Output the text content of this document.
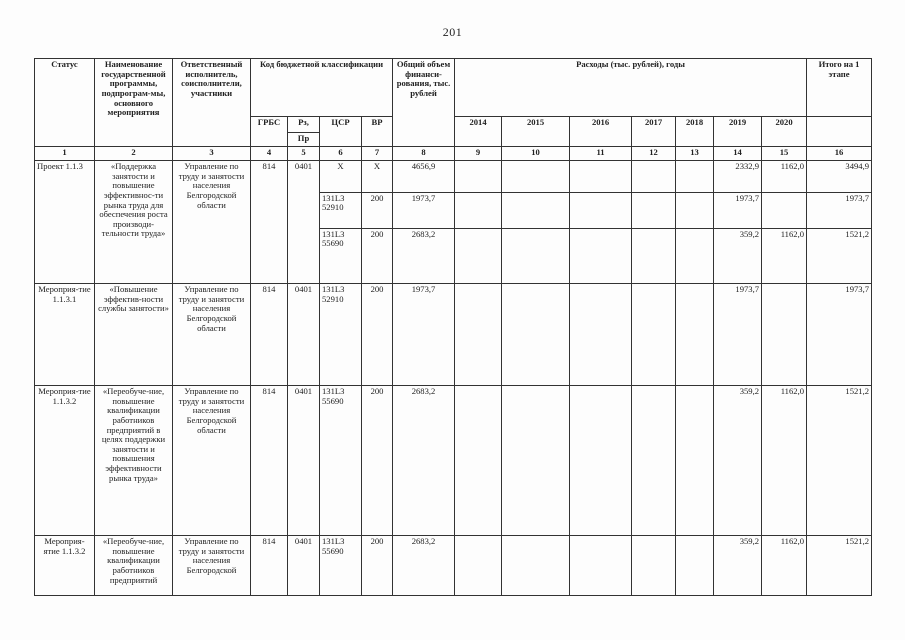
201
Статус	Наименование государственной программы, подпрограм-мы, основного мероприятия	Ответственный исполнитель, соисполнители, участники	Код бюджетной классификации				Общий объем финанси-рования, тыс. рублей	Расходы (тыс. рублей), годы							Итого на 1 этапе
			ГРБС	Рз,	ЦСР	ВР		2014	2015	2016	2017	2018	2019	2020	
				Пр											
1	2	3	4	5	6	7	8	9	10	11	12	13	14	15	16
Проект 1.1.3	«Поддержка занятости и повышение эффективнос-ти рынка труда для обеспечения роста производи-тельности труда»	Управление по труду и занятости населения Белгородской области	814	0401	X	X	4656,9						2332,9	1162,0	3494,9
					131L3 52910	200	1973,7						1973,7		1973,7
					131L3 55690	200	2683,2						359,2	1162,0	1521,2
Мероприя-тие 1.1.3.1	«Повышение эффектив-ности службы занятости»	Управление по труду и занятости населения Белгородской области	814	0401	131L3 52910	200	1973,7						1973,7		1973,7
Мероприя-тие 1.1.3.2	«Переобуче-ние, повышение квалификации работников предприятий в целях поддержки занятости и повышения эффективности рынка труда»	Управление по труду и занятости населения Белгородской области	814	0401	131L3 55690	200	2683,2						359,2	1162,0	1521,2
Мероприя-ятие 1.1.3.2	«Переобуче-ние, повышение квалификации работников предприятий	Управление по труду и занятости населения Белгородской	814	0401	131L3 55690	200	2683,2						359,2	1162,0	1521,2
